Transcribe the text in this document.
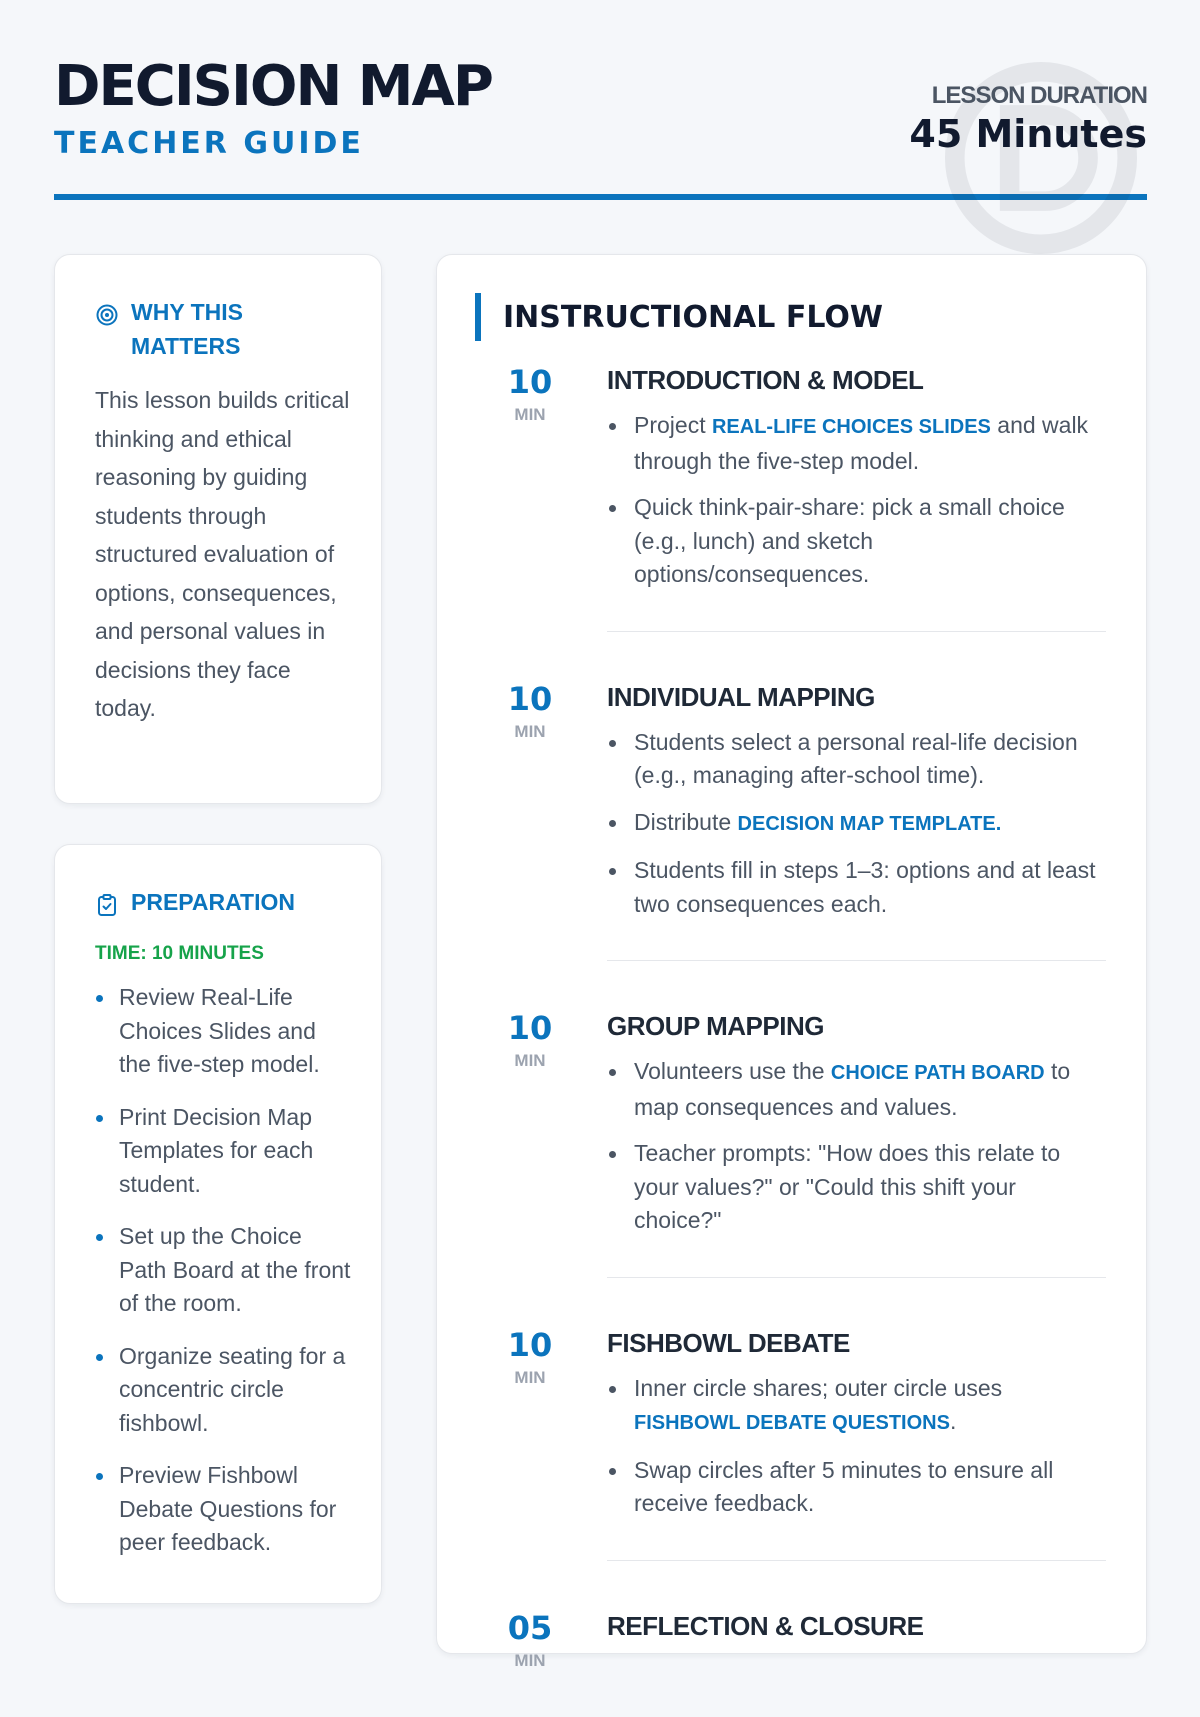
DECISION MAP
TEACHER GUIDE
LESSON DURATION
45 Minutes
WHY THIS MATTERS
This lesson builds critical thinking and ethical reasoning by guiding students through structured evaluation of options, consequences, and personal values in decisions they face today.
PREPARATION
TIME: 10 MINUTES
Review Real-Life Choices Slides and the five-step model.
Print Decision Map Templates for each student.
Set up the Choice Path Board at the front of the room.
Organize seating for a concentric circle fishbowl.
Preview Fishbowl Debate Questions for peer feedback.
INSTRUCTIONAL FLOW
10
MIN
INTRODUCTION & MODEL
Project REAL-LIFE CHOICES SLIDES and walk through the five-step model.
Quick think-pair-share: pick a small choice (e.g., lunch) and sketch options/consequences.
10
MIN
INDIVIDUAL MAPPING
Students select a personal real-life decision (e.g., managing after-school time).
Distribute DECISION MAP TEMPLATE.
Students fill in steps 1–3: options and at least two consequences each.
10
MIN
GROUP MAPPING
Volunteers use the CHOICE PATH BOARD to map consequences and values.
Teacher prompts: "How does this relate to your values?" or "Could this shift your choice?"
10
MIN
FISHBOWL DEBATE
Inner circle shares; outer circle uses FISHBOWL DEBATE QUESTIONS.
Swap circles after 5 minutes to ensure all receive feedback.
05
MIN
REFLECTION & CLOSURE
